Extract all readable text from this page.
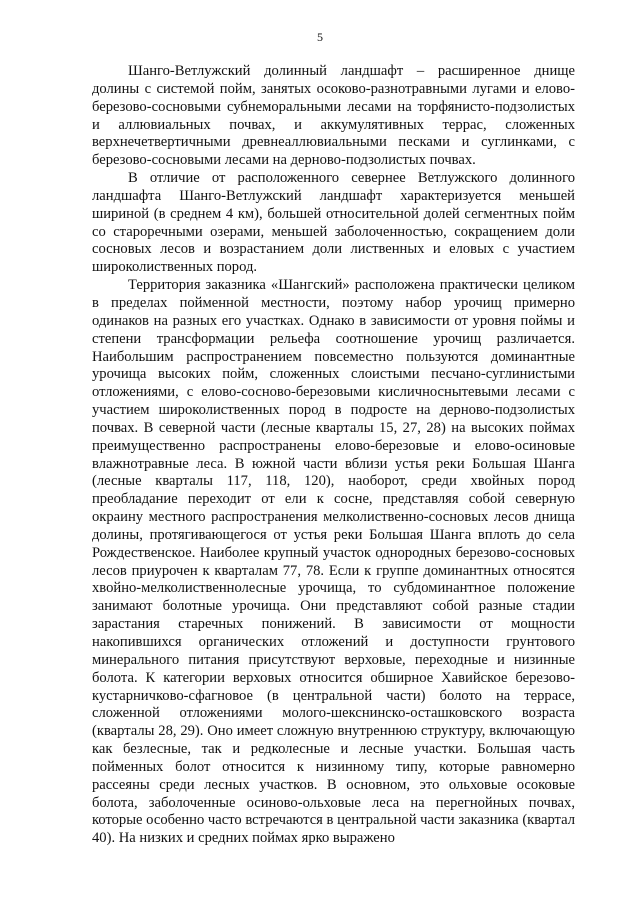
5

Шанго-Ветлужский долинный ландшафт – расширенное днище долины с системой пойм, занятых осоково-разнотравными лугами и елово-березово-сосновыми субнеморальными лесами на торфянисто-подзолистых и аллювиальных почвах, и аккумулятивных террас, сложенных верхнечетвертичными древнеаллювиальными песками и суглинками, с березово-сосновыми лесами на дерново-подзолистых почвах.

В отличие от расположенного севернее Ветлужского долинного ландшафта Шанго-Ветлужский ландшафт характеризуется меньшей шириной (в среднем 4 км), большей относительной долей сегментных пойм со староречными озерами, меньшей заболоченностью, сокращением доли сосновых лесов и возрастанием доли лиственных и еловых с участием широколиственных пород.

Территория заказника «Шангский» расположена практически целиком в пределах пойменной местности, поэтому набор урочищ примерно одинаков на разных его участках. Однако в зависимости от уровня поймы и степени трансформации рельефа соотношение урочищ различается. Наибольшим распространением повсеместно пользуются доминантные урочища высоких пойм, сложенных слоистыми песчано-суглинистыми отложениями, с елово-сосново-березовыми кисличноснытевыми лесами с участием широколиственных пород в подросте на дерново-подзолистых почвах. В северной части (лесные кварталы 15, 27, 28) на высоких поймах преимущественно распространены елово-березовые и елово-осиновые влажнотравные леса. В южной части вблизи устья реки Большая Шанга (лесные кварталы 117, 118, 120), наоборот, среди хвойных пород преобладание переходит от ели к сосне, представляя собой северную окраину местного распространения мелколиственно-сосновых лесов днища долины, протягивающегося от устья реки Большая Шанга вплоть до села Рождественское. Наиболее крупный участок однородных березово-сосновых лесов приурочен к кварталам 77, 78. Если к группе доминантных относятся хвойно-мелколиственнолесные урочища, то субдоминантное положение занимают болотные урочища. Они представляют собой разные стадии зарастания старечных понижений. В зависимости от мощности накопившихся органических отложений и доступности грунтового минерального питания присутствуют верховые, переходные и низинные болота. К категории верховых относится обширное Хавийское березово-кустарничково-сфагновое (в центральной части) болото на террасе, сложенной отложениями молого-шекснинско-осташковского возраста (кварталы 28, 29). Оно имеет сложную внутреннюю структуру, включающую как безлесные, так и редколесные и лесные участки. Большая часть пойменных болот относится к низинному типу, которые равномерно рассеяны среди лесных участков. В основном, это ольховые осоковые болота, заболоченные осиново-ольховые леса на перегнойных почвах, которые особенно часто встречаются в центральной части заказника (квартал 40). На низких и средних поймах ярко выражено
